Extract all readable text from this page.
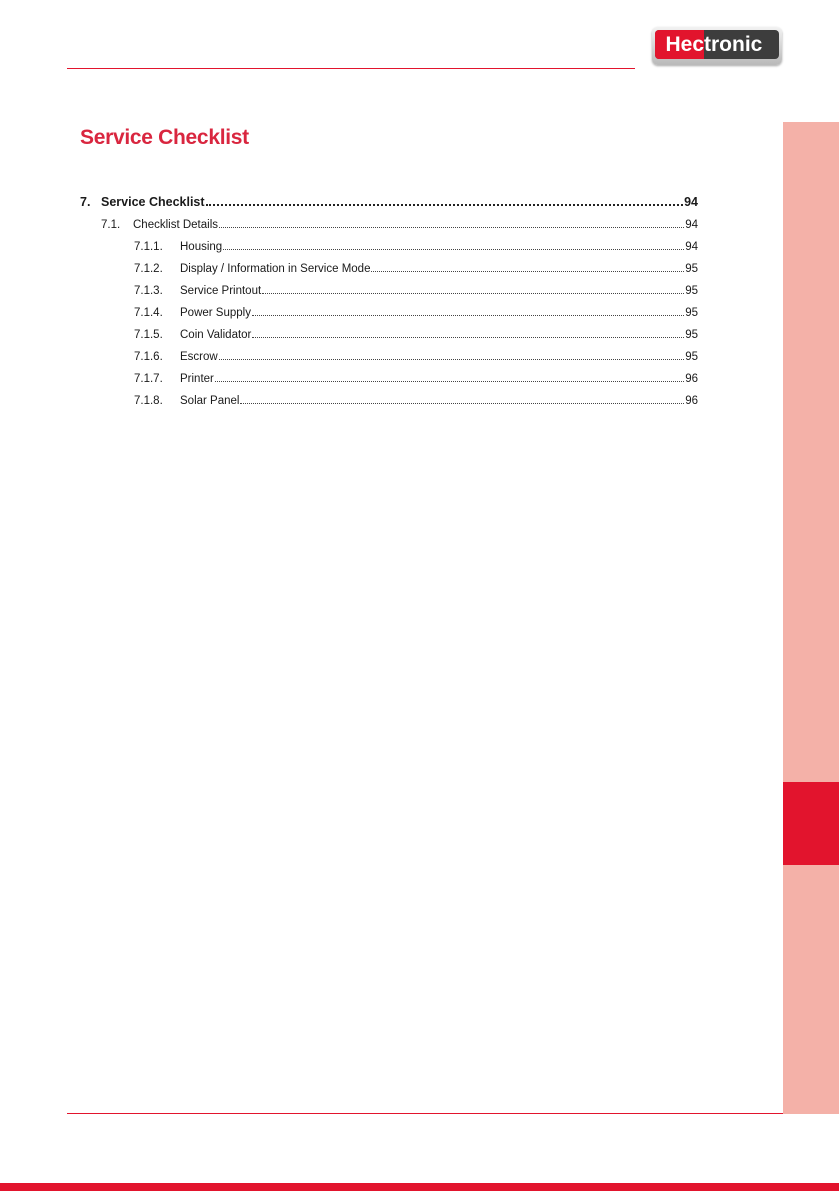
Hec tronic
Service Checklist
7. Service Checklist	94
7.1.	Checklist Details	94
7.1.1.	Housing	94
7.1.2.	Display / Information in Service Mode	95
7.1.3.	Service Printout	95
7.1.4.	Power Supply	95
7.1.5.	Coin Validator	95
7.1.6.	Escrow	95
7.1.7.	Printer	96
7.1.8.	Solar Panel	96
